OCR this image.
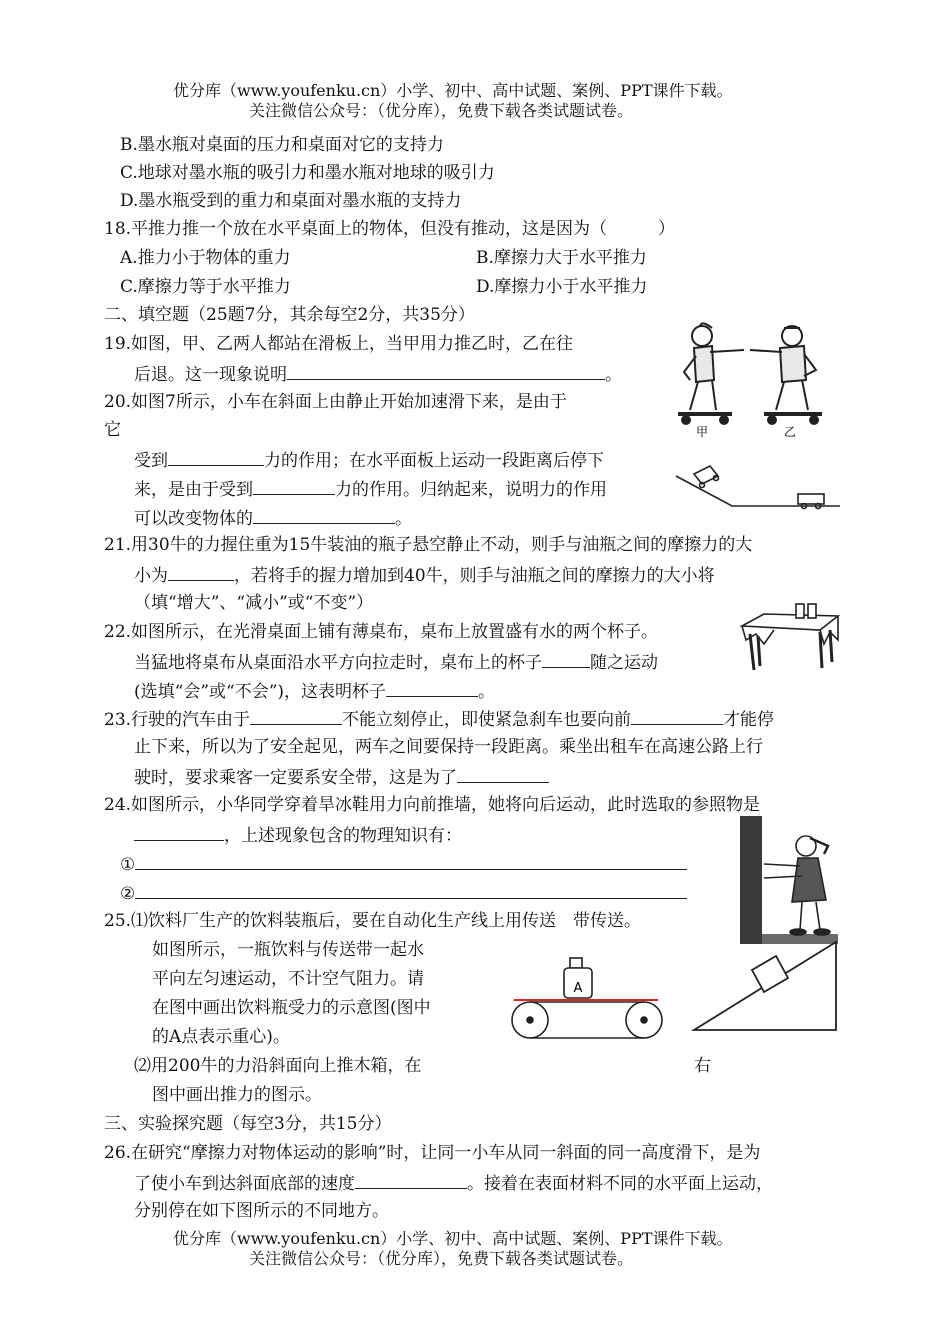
优分库（www.youfenku.cn）小学、初中、高中试题、案例、PPT课件下载。
关注微信公众号：（优分库），免费下载各类试题试卷。
B.墨水瓶对桌面的压力和桌面对它的支持力
C.地球对墨水瓶的吸引力和墨水瓶对地球的吸引力
D.墨水瓶受到的重力和桌面对墨水瓶的支持力
18.平推力推一个放在水平桌面上的物体，但没有推动，这是因为（　　　）
A.推力小于物体的重力	B.摩擦力大于水平推力
C.摩擦力等于水平推力	D.摩擦力小于水平推力
二、填空题（25题7分，其余每空2分，共35分）
19.如图，甲、乙两人都站在滑板上，当甲用力推乙时，乙在往
后退。这一现象说明	。
甲	乙
20.如图7所示，小车在斜面上由静止开始加速滑下来，是由于
它
受到	力的作用；在水平面板上运动一段距离后停下
来，是由于受到	力的作用。归纳起来，说明力的作用
可以改变物体的	。
21.用30牛的力握住重为15牛装油的瓶子悬空静止不动，则手与油瓶之间的摩擦力的大
小为	，若将手的握力增加到40牛，则手与油瓶之间的摩擦力的大小将
（填“增大”、“减小”或“不变”）
22.如图所示，在光滑桌面上铺有薄桌布，桌布上放置盛有水的两个杯子。
当猛地将桌布从桌面沿水平方向拉走时，桌布上的杯子	随之运动
(选填“会”或“不会”)，这表明杯子	。
23.行驶的汽车由于	不能立刻停止，即使紧急刹车也要向前	才能停
止下来，所以为了安全起见，两车之间要保持一段距离。乘坐出租车在高速公路上行
驶时，要求乘客一定要系安全带，这是为了
24.如图所示，小华同学穿着旱冰鞋用力向前推墙，她将向后运动，此时选取的参照物是
，上述现象包含的物理知识有：
①
②
25.⑴饮料厂生产的饮料装瓶后，要在自动化生产线上用传送　带传送。
如图所示，一瓶饮料与传送带一起水
平向左匀速运动，不计空气阻力。请
在图中画出饮料瓶受力的示意图(图中
的A点表示重心)。
⑵用200牛的力沿斜面向上推木箱，在	右
图中画出推力的图示。
A
三、实验探究题（每空3分，共15分）
26.在研究“摩擦力对物体运动的影响”时，让同一小车从同一斜面的同一高度滑下，是为
了使小车到达斜面底部的速度	。接着在表面材料不同的水平面上运动，
分别停在如下图所示的不同地方。
优分库（www.youfenku.cn）小学、初中、高中试题、案例、PPT课件下载。
关注微信公众号：（优分库），免费下载各类试题试卷。
